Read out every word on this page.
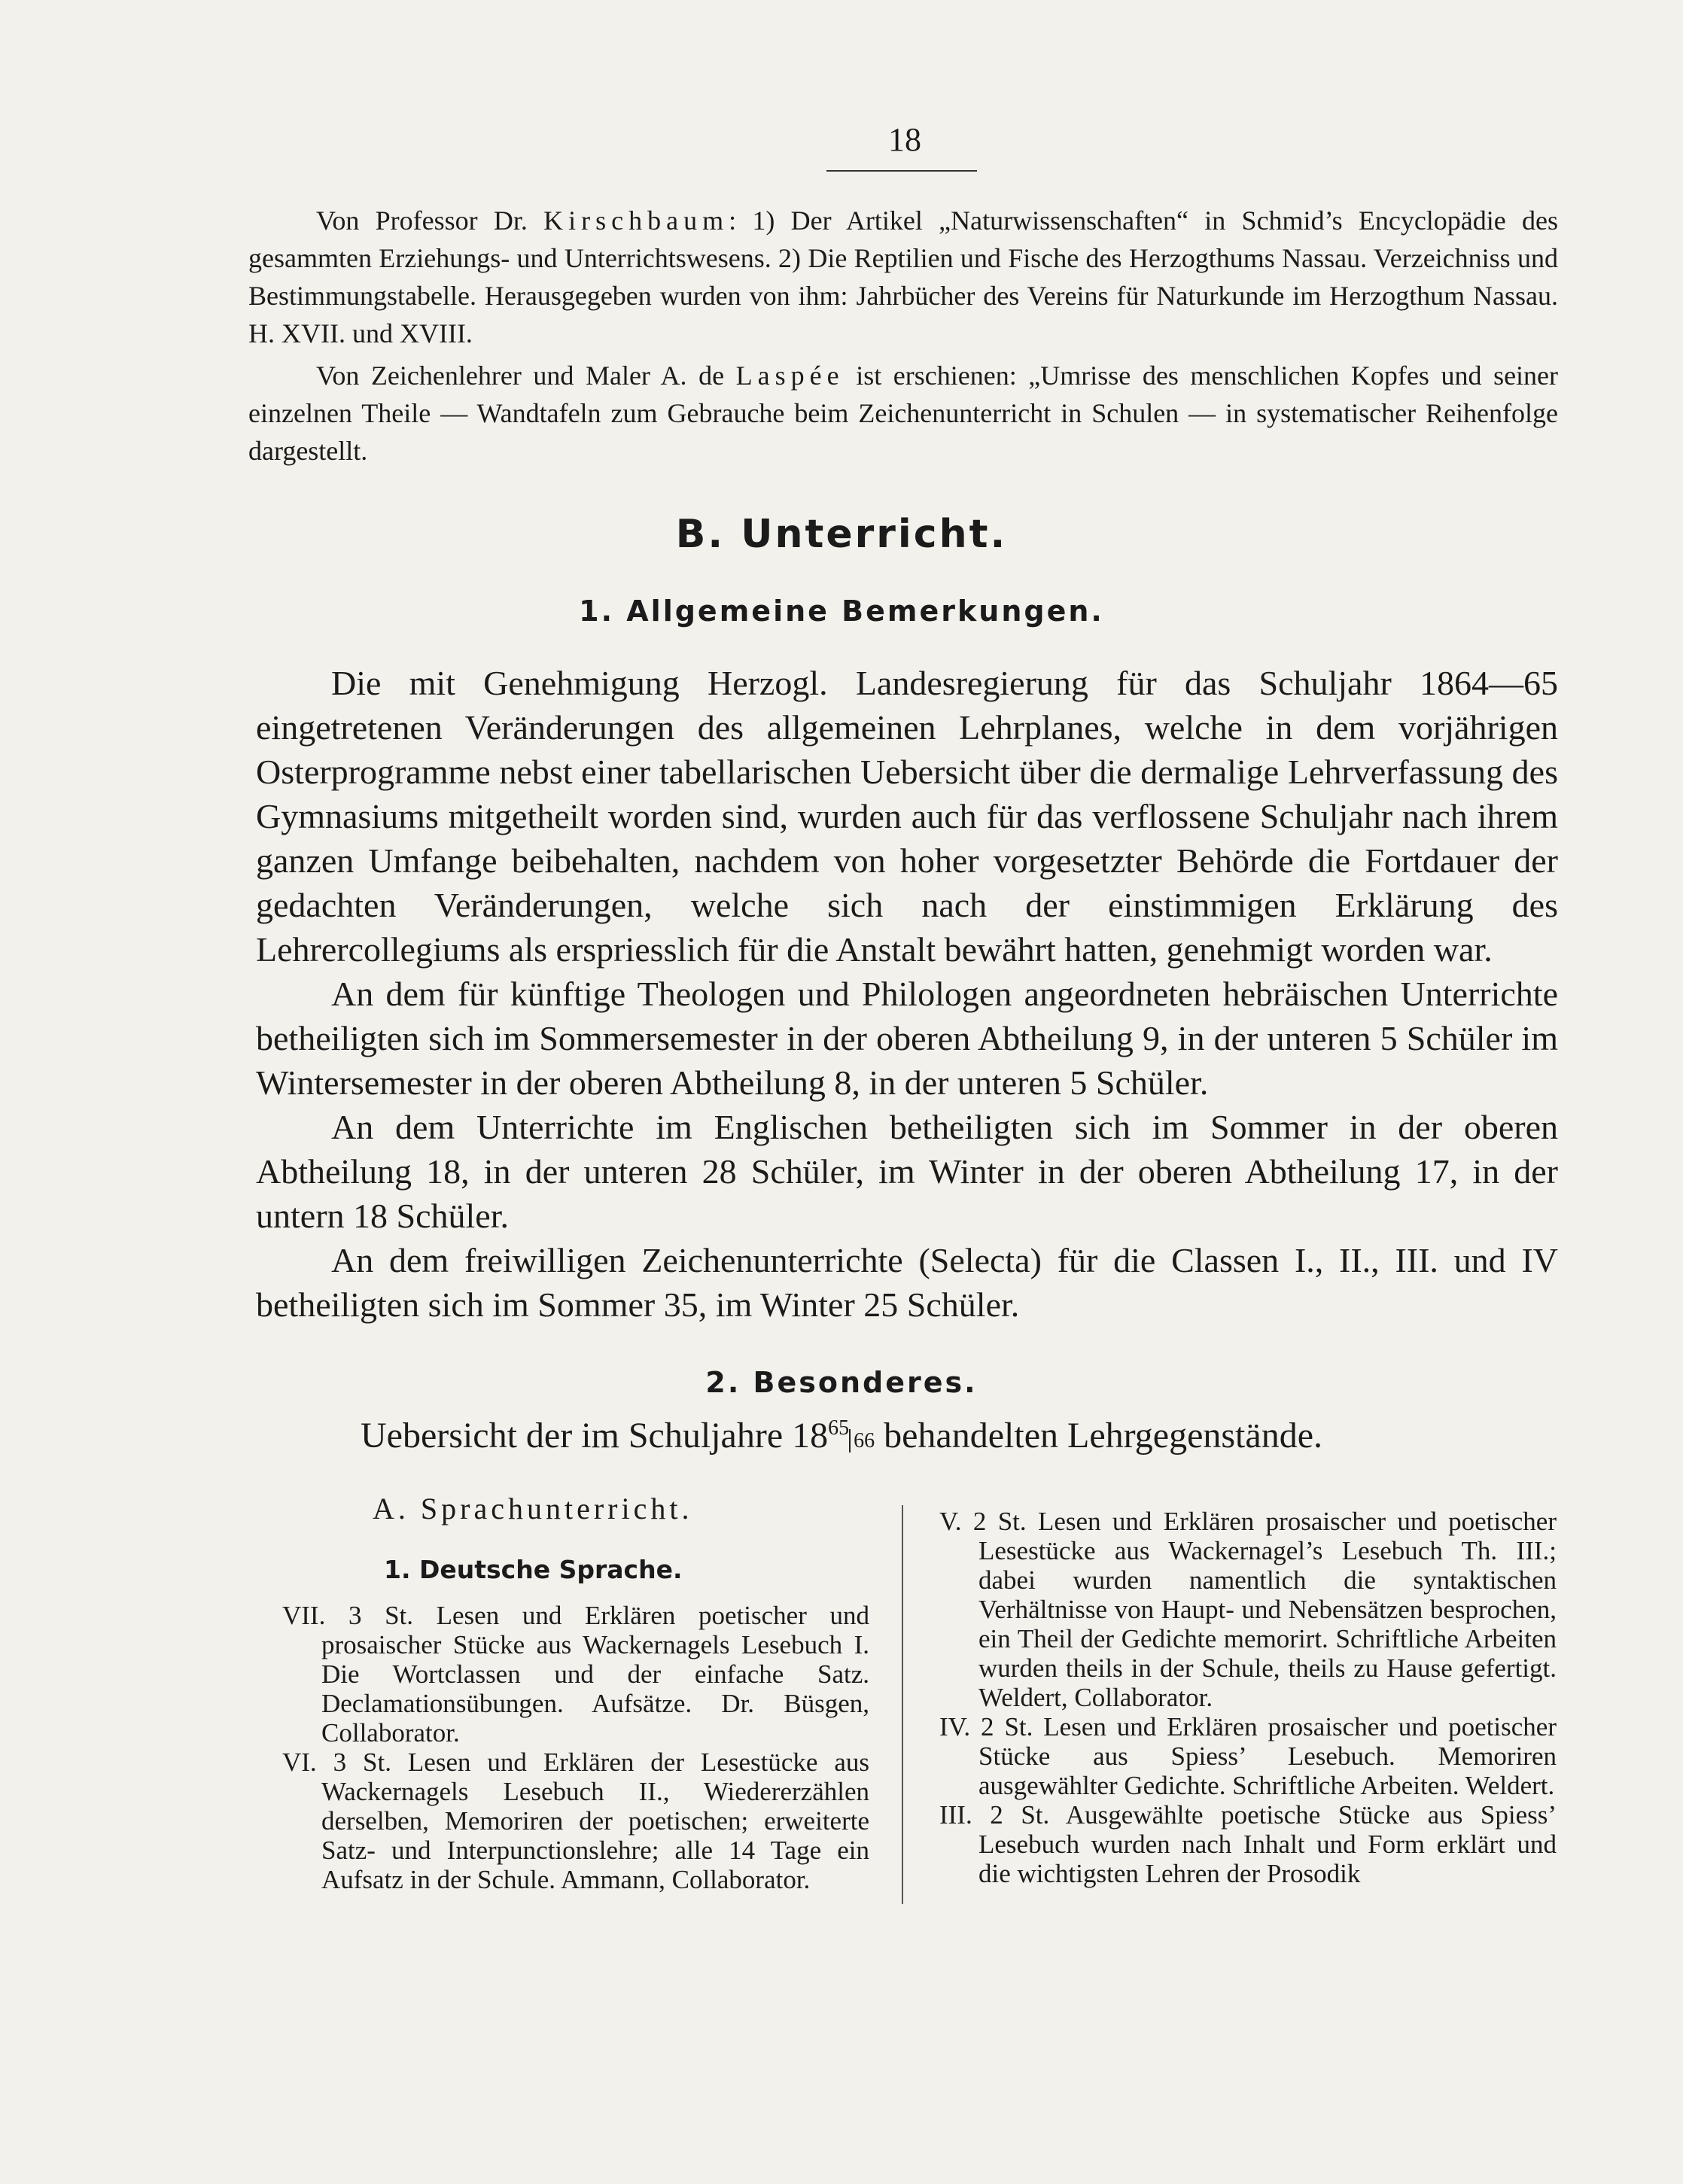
18

Von Professor Dr. Kirschbaum: 1) Der Artikel „Naturwissenschaften“ in Schmid’s Encyclopädie des gesammten Erziehungs- und Unterrichtswesens. 2) Die Reptilien und Fische des Herzogthums Nassau. Verzeichniss und Bestimmungstabelle. Herausgegeben wurden von ihm: Jahrbücher des Vereins für Naturkunde im Herzogthum Nassau. H. XVII. und XVIII.

Von Zeichenlehrer und Maler A. de Laspée ist erschienen: „Umrisse des menschlichen Kopfes und seiner einzelnen Theile — Wandtafeln zum Gebrauche beim Zeichenunterricht in Schulen — in systematischer Reihenfolge dargestellt.

B. Unterricht.
1. Allgemeine Bemerkungen.

Die mit Genehmigung Herzogl. Landesregierung für das Schuljahr 1864—65 eingetretenen Veränderungen des allgemeinen Lehrplanes, welche in dem vorjährigen Osterprogramme nebst einer tabellarischen Uebersicht über die dermalige Lehrverfassung des Gymnasiums mitgetheilt worden sind, wurden auch für das verflossene Schuljahr nach ihrem ganzen Umfange beibehalten, nachdem von hoher vorgesetzter Behörde die Fortdauer der gedachten Veränderungen, welche sich nach der einstimmigen Erklärung des Lehrercollegiums als erspriesslich für die Anstalt bewährt hatten, genehmigt worden war.

An dem für künftige Theologen und Philologen angeordneten hebräischen Unterrichte betheiligten sich im Sommersemester in der oberen Abtheilung 9, in der unteren 5 Schüler im Wintersemester in der oberen Abtheilung 8, in der unteren 5 Schüler.

An dem Unterrichte im Englischen betheiligten sich im Sommer in der oberen Abtheilung 18, in der unteren 28 Schüler, im Winter in der oberen Abtheilung 17, in der untern 18 Schüler.

An dem freiwilligen Zeichenunterrichte (Selecta) für die Classen I., II., III. und IV betheiligten sich im Sommer 35, im Winter 25 Schüler.

2. Besonderes.
Uebersicht der im Schuljahre $18^{65}66$ behandelten Lehrgegenstände.
A. Sprachunterricht.
1. Deutsche Sprache.

VII. 3 St. Lesen und Erklären poetischer und prosaischer Stücke aus Wackernagels Lesebuch I. Die Wortclassen und der einfache Satz. Declamationsübungen. Aufsätze. Dr. Büsgen, Collaborator.

VI. 3 St. Lesen und Erklären der Lesestücke aus Wackernagels Lesebuch II., Wiedererzählen derselben, Memoriren der poetischen; erweiterte Satz- und Interpunctionslehre; alle 14 Tage ein Aufsatz in der Schule. Ammann, Collaborator.

V. 2 St. Lesen und Erklären prosaischer und poetischer Lesestücke aus Wackernagel’s Lesebuch Th. III.; dabei wurden namentlich die syntaktischen Verhältnisse von Haupt- und Nebensätzen besprochen, ein Theil der Gedichte memorirt. Schriftliche Arbeiten wurden theils in der Schule, theils zu Hause gefertigt. Weldert, Collaborator.

IV. 2 St. Lesen und Erklären prosaischer und poetischer Stücke aus Spiess’ Lesebuch. Memoriren ausgewählter Gedichte. Schriftliche Arbeiten. Weldert.

III. 2 St. Ausgewählte poetische Stücke aus Spiess’ Lesebuch wurden nach Inhalt und Form erklärt und die wichtigsten Lehren der Prosodik
